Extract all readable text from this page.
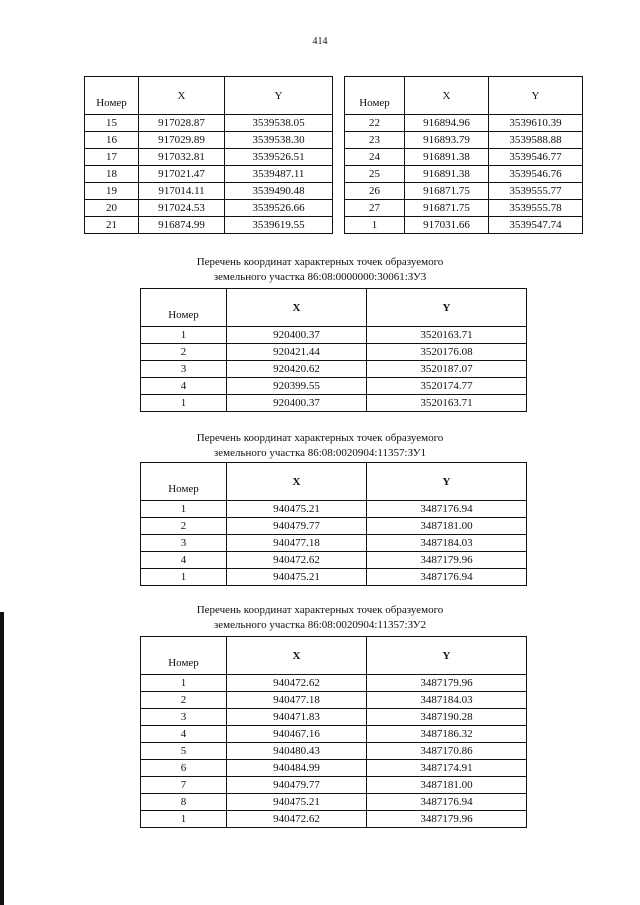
414
Номер	X	Y
15	917028.87	3539538.05
16	917029.89	3539538.30
17	917032.81	3539526.51
18	917021.47	3539487.11
19	917014.11	3539490.48
20	917024.53	3539526.66
21	916874.99	3539619.55
Номер	X	Y
22	916894.96	3539610.39
23	916893.79	3539588.88
24	916891.38	3539546.77
25	916891.38	3539546.76
26	916871.75	3539555.77
27	916871.75	3539555.78
1	917031.66	3539547.74
Перечень координат характерных точек образуемого
земельного участка 86:08:0000000:30061:ЗУ3
Номер	X	Y
1	920400.37	3520163.71
2	920421.44	3520176.08
3	920420.62	3520187.07
4	920399.55	3520174.77
1	920400.37	3520163.71
Перечень координат характерных точек образуемого
земельного участка 86:08:0020904:11357:ЗУ1
Номер	X	Y
1	940475.21	3487176.94
2	940479.77	3487181.00
3	940477.18	3487184.03
4	940472.62	3487179.96
1	940475.21	3487176.94
Перечень координат характерных точек образуемого
земельного участка 86:08:0020904:11357:ЗУ2
Номер	X	Y
1	940472.62	3487179.96
2	940477.18	3487184.03
3	940471.83	3487190.28
4	940467.16	3487186.32
5	940480.43	3487170.86
6	940484.99	3487174.91
7	940479.77	3487181.00
8	940475.21	3487176.94
1	940472.62	3487179.96
